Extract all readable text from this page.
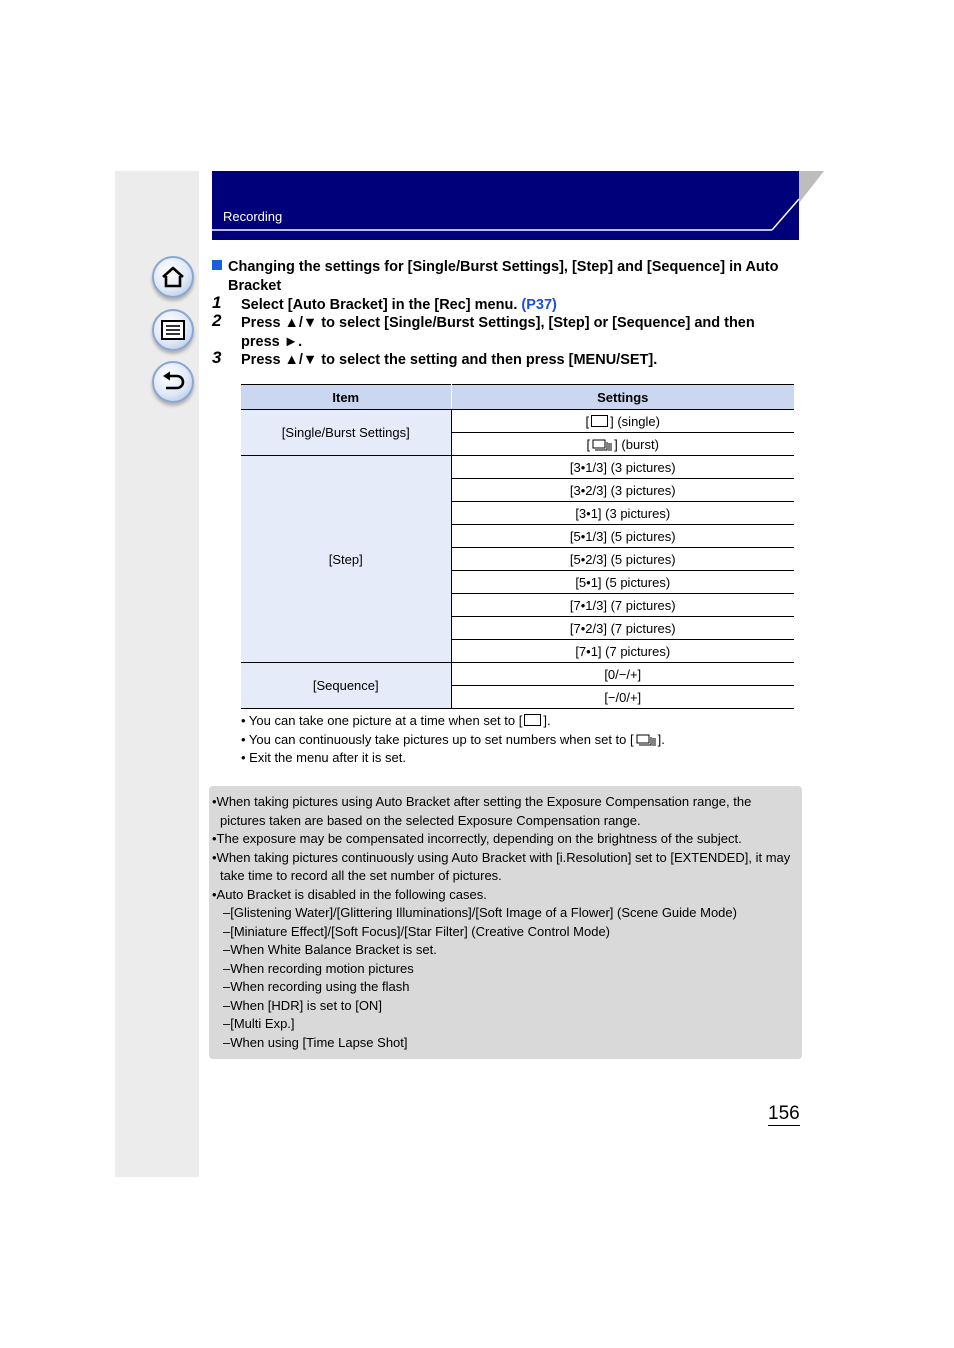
Recording
Changing the settings for [Single/Burst Settings], [Step] and [Sequence] in Auto
Bracket
1 Select [Auto Bracket] in the [Rec] menu. (P37)
2 Press ▲/▼ to select [Single/Burst Settings], [Step] or [Sequence] and then press ►.
3 Press ▲/▼ to select the setting and then press [MENU/SET].
Item	Settings
[Single/Burst Settings]	[ ] (single)
	[ ] (burst)
[Step]	[3•1/3] (3 pictures)
	[3•2/3] (3 pictures)
	[3•1] (3 pictures)
	[5•1/3] (5 pictures)
	[5•2/3] (5 pictures)
	[5•1] (5 pictures)
	[7•1/3] (7 pictures)
	[7•2/3] (7 pictures)
	[7•1] (7 pictures)
[Sequence]	[0/−/+]
	[−/0/+]
• You can take one picture at a time when set to [ ].
• You can continuously take pictures up to set numbers when set to [ ].
• Exit the menu after it is set.
•When taking pictures using Auto Bracket after setting the Exposure Compensation range, the pictures taken are based on the selected Exposure Compensation range.
•The exposure may be compensated incorrectly, depending on the brightness of the subject.
•When taking pictures continuously using Auto Bracket with [i.Resolution] set to [EXTENDED], it may take time to record all the set number of pictures.
•Auto Bracket is disabled in the following cases.
–[Glistening Water]/[Glittering Illuminations]/[Soft Image of a Flower] (Scene Guide Mode)
–[Miniature Effect]/[Soft Focus]/[Star Filter] (Creative Control Mode)
–When White Balance Bracket is set.
–When recording motion pictures
–When recording using the flash
–When [HDR] is set to [ON]
–[Multi Exp.]
–When using [Time Lapse Shot]
156
